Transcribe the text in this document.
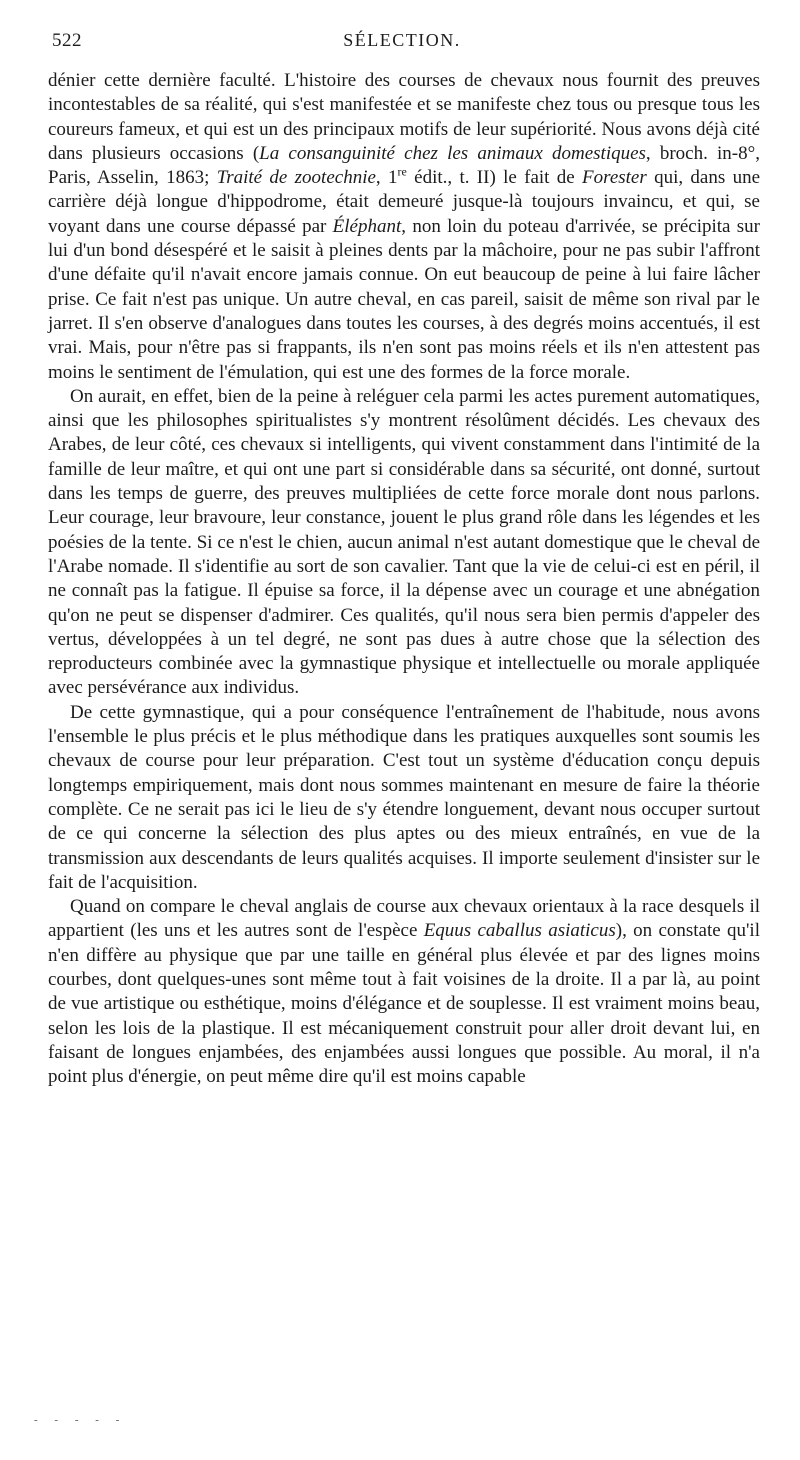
522	SÉLECTION.

dénier cette dernière faculté. L'histoire des courses de chevaux nous fournit des preuves incontestables de sa réalité, qui s'est manifestée et se manifeste chez tous ou presque tous les coureurs fameux, et qui est un des principaux motifs de leur supériorité. Nous avons déjà cité dans plusieurs occasions (La consanguinité chez les animaux domestiques, broch. in-8°, Paris, Asselin, 1863; Traité de zootechnie, 1re édit., t. II) le fait de Forester qui, dans une carrière déjà longue d'hippodrome, était demeuré jusque-là toujours invaincu, et qui, se voyant dans une course dépassé par Éléphant, non loin du poteau d'arrivée, se précipita sur lui d'un bond désespéré et le saisit à pleines dents par la mâchoire, pour ne pas subir l'affront d'une défaite qu'il n'avait encore jamais connue. On eut beaucoup de peine à lui faire lâcher prise. Ce fait n'est pas unique. Un autre cheval, en cas pareil, saisit de même son rival par le jarret. Il s'en observe d'analogues dans toutes les courses, à des degrés moins accentués, il est vrai. Mais, pour n'être pas si frappants, ils n'en sont pas moins réels et ils n'en attestent pas moins le sentiment de l'émulation, qui est une des formes de la force morale.

On aurait, en effet, bien de la peine à reléguer cela parmi les actes purement automatiques, ainsi que les philosophes spiritualistes s'y montrent résolûment décidés. Les chevaux des Arabes, de leur côté, ces chevaux si intelligents, qui vivent constamment dans l'intimité de la famille de leur maître, et qui ont une part si considérable dans sa sécurité, ont donné, surtout dans les temps de guerre, des preuves multipliées de cette force morale dont nous parlons. Leur courage, leur bravoure, leur constance, jouent le plus grand rôle dans les légendes et les poésies de la tente. Si ce n'est le chien, aucun animal n'est autant domestique que le cheval de l'Arabe nomade. Il s'identifie au sort de son cavalier. Tant que la vie de celui-ci est en péril, il ne connaît pas la fatigue. Il épuise sa force, il la dépense avec un courage et une abnégation qu'on ne peut se dispenser d'admirer. Ces qualités, qu'il nous sera bien permis d'appeler des vertus, développées à un tel degré, ne sont pas dues à autre chose que la sélection des reproducteurs combinée avec la gymnastique physique et intellectuelle ou morale appliquée avec persévérance aux individus.

De cette gymnastique, qui a pour conséquence l'entraînement de l'habitude, nous avons l'ensemble le plus précis et le plus méthodique dans les pratiques auxquelles sont soumis les chevaux de course pour leur préparation. C'est tout un système d'éducation conçu depuis longtemps empiriquement, mais dont nous sommes maintenant en mesure de faire la théorie complète. Ce ne serait pas ici le lieu de s'y étendre longuement, devant nous occuper surtout de ce qui concerne la sélection des plus aptes ou des mieux entraînés, en vue de la transmission aux descendants de leurs qualités acquises. Il importe seulement d'insister sur le fait de l'acquisition.

Quand on compare le cheval anglais de course aux chevaux orientaux à la race desquels il appartient (les uns et les autres sont de l'espèce Equus caballus asiaticus), on constate qu'il n'en diffère au physique que par une taille en général plus élevée et par des lignes moins courbes, dont quelques-unes sont même tout à fait voisines de la droite. Il a par là, au point de vue artistique ou esthétique, moins d'élégance et de souplesse. Il est vraiment moins beau, selon les lois de la plastique. Il est mécaniquement construit pour aller droit devant lui, en faisant de longues enjambées, des enjambées aussi longues que possible. Au moral, il n'a point plus d'énergie, on peut même dire qu'il est moins capable

- - - - -
